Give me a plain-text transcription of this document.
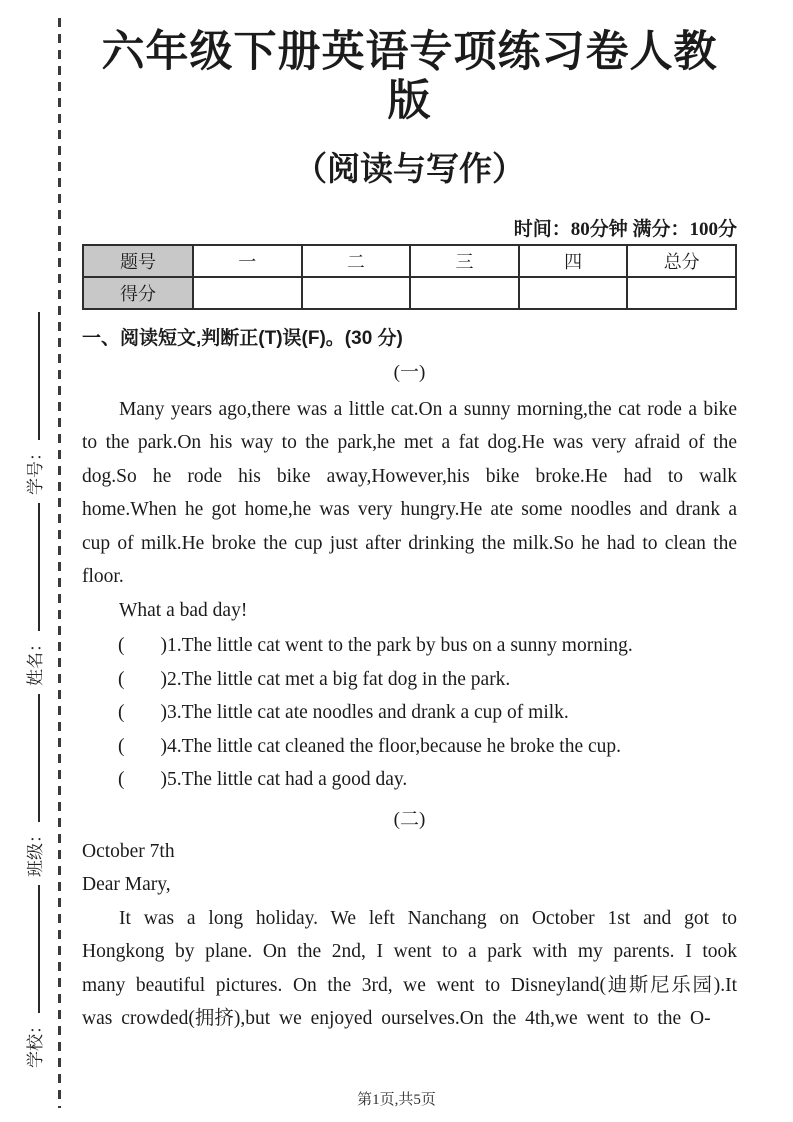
学校：
班级：
姓名：
学号：
六年级下册英语专项练习卷人教版
（阅读与写作）
时间：80分钟 满分：100分
题号	一	二	三	四	总分
得分					
一、阅读短文,判断正(T)误(F)。(30 分)
(一)
Many years ago,there was a little cat.On a sunny morning,the cat rode a bike to the park.On his way to the park,he met a fat dog.He was very afraid of the dog.So he rode his bike away,However,his bike broke.He had to walk home.When he got home,he was very hungry.He ate some noodles and drank a cup of milk.He broke the cup just after drinking the milk.So he had to clean the floor.
What a bad day!
( )1.The little cat went to the park by bus on a sunny morning.
( )2.The little cat met a big fat dog in the park.
( )3.The little cat ate noodles and drank a cup of milk.
( )4.The little cat cleaned the floor,because he broke the cup.
( )5.The little cat had a good day.
(二)
October 7th
Dear Mary,
It was a long holiday. We left Nanchang on October 1st and got to Hongkong by plane. On the 2nd, I went to a park with my parents. I took many beautiful pictures. On the 3rd, we went to Disneyland(迪斯尼乐园).It was crowded(拥挤),but we enjoyed ourselves.On the 4th,we went to the O-
第1页,共5页
